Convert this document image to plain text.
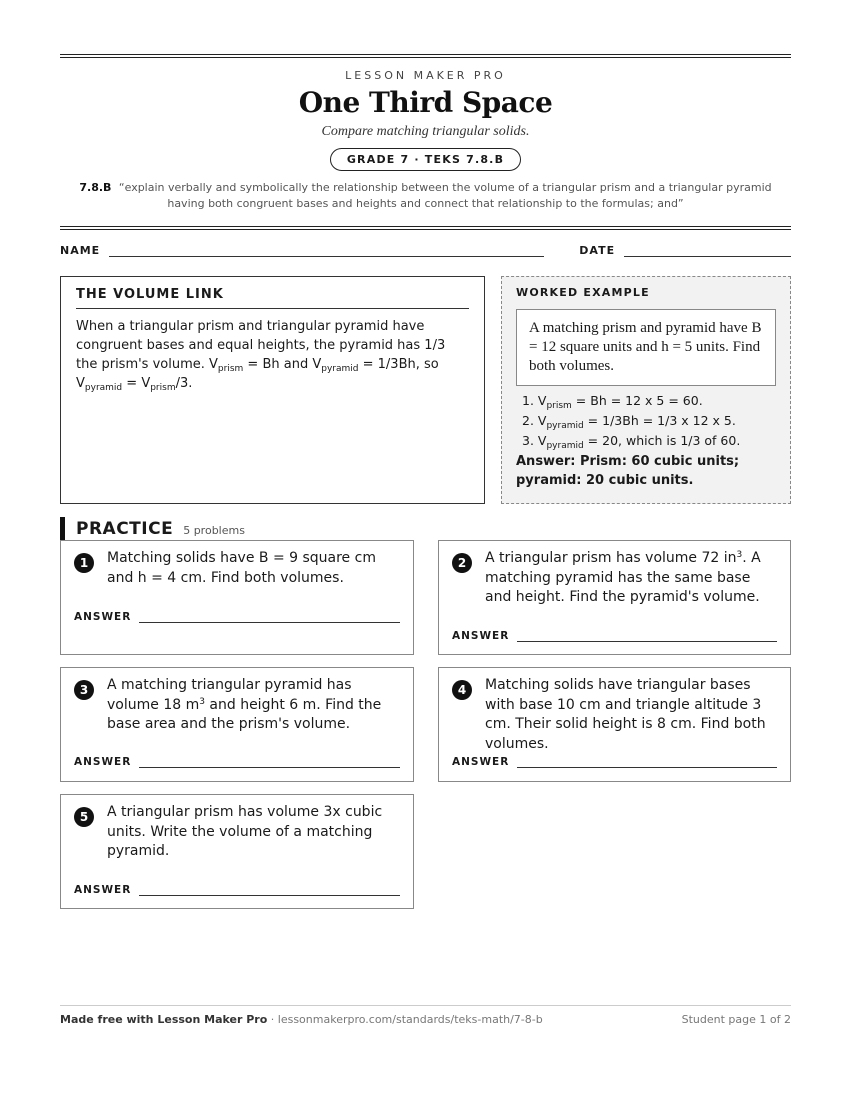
LESSON MAKER PRO
One Third Space
Compare matching triangular solids.
GRADE 7 · TEKS 7.8.B
7.8.B “explain verbally and symbolically the relationship between the volume of a triangular prism and a triangular pyramid having both congruent bases and heights and connect that relationship to the formulas; and”
NAME	DATE
THE VOLUME LINK

When a triangular prism and triangular pyramid have congruent bases and equal heights, the pyramid has 1/3 the prism's volume. $V_{prism} = Bh$ and $V_{pyramid} = 1/3Bh$, so $V_{pyramid} = V_{prism}/3$.

WORKED EXAMPLE
A matching prism and pyramid have B = 12 square units and h = 5 units. Find both volumes.
1. $V_{prism} = Bh = 12$ x 5 = 60.
2. $V_{pyramid} = 1/3Bh = 1/3$ x 12 x 5.
3. $V_{pyramid} = 20$, which is 1/3 of 60.
Answer: Prism: 60 cubic units; pyramid: 20 cubic units.
PRACTICE 5 problems
1	Matching solids have B = 9 square cm and h = 4 cm. Find both volumes.
ANSWER
2	A triangular prism has volume 72 $in^3$. A matching pyramid has the same base and height. Find the pyramid's volume.
ANSWER
3	A matching triangular pyramid has volume 18 $m^3$ and height 6 m. Find the base area and the prism's volume.
ANSWER
4	Matching solids have triangular bases with base 10 cm and triangle altitude 3 cm. Their solid height is 8 cm. Find both volumes.
ANSWER
5	A triangular prism has volume 3x cubic units. Write the volume of a matching pyramid.
ANSWER
Made free with Lesson Maker Pro · lessonmakerpro.com/standards/teks-math/7-8-b	Student page 1 of 2
